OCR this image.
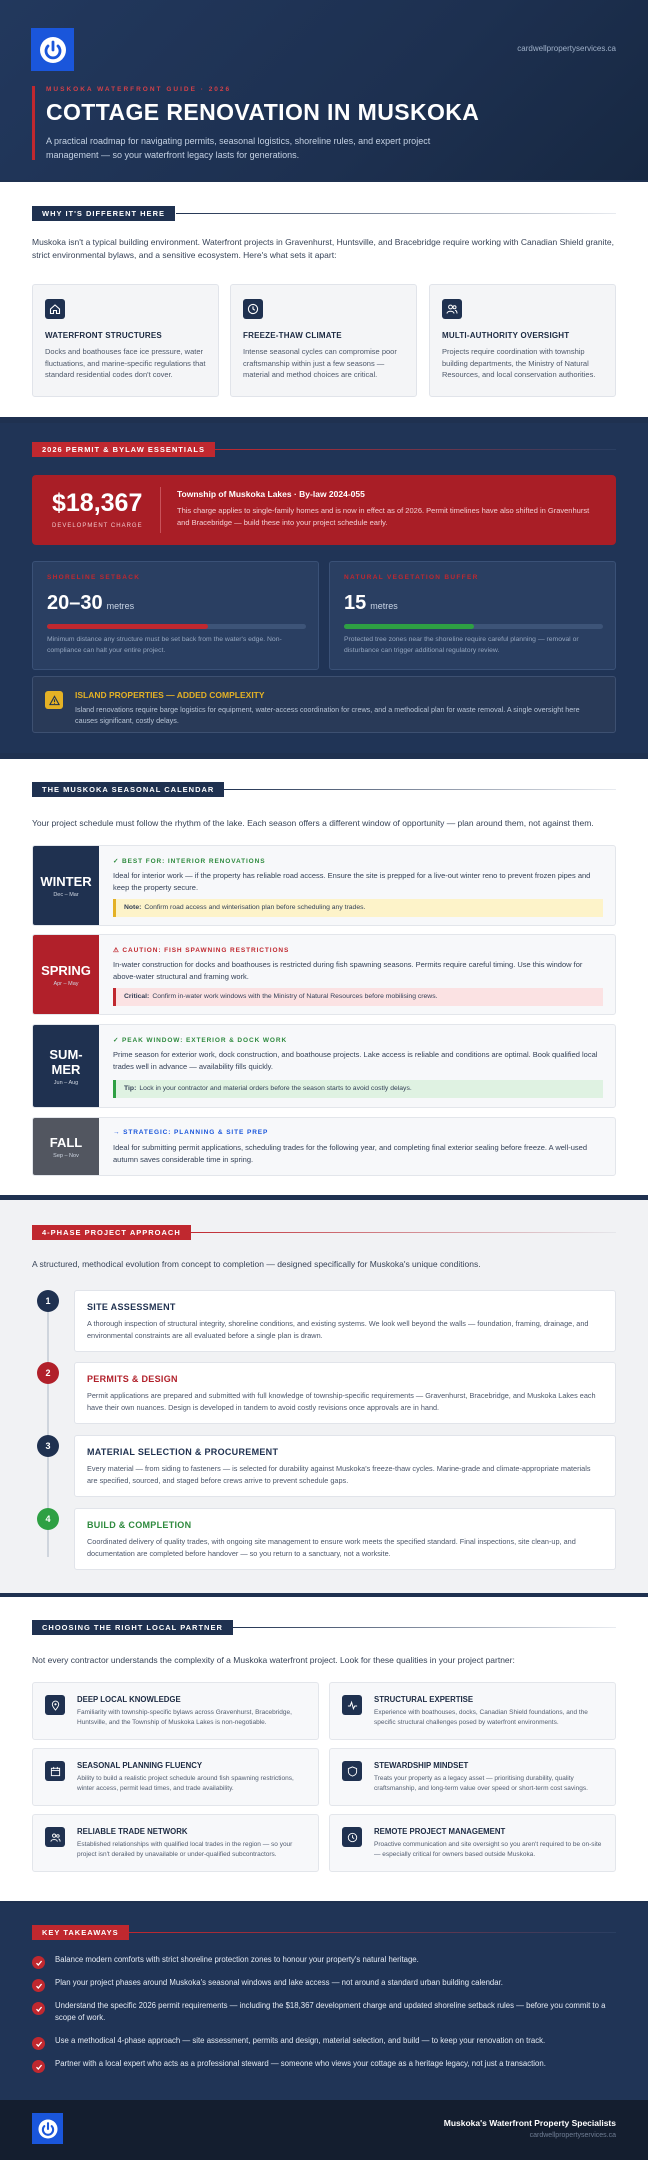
cardwellpropertyservices.ca
MUSKOKA WATERFRONT GUIDE · 2026
COTTAGE RENOVATION IN MUSKOKA
A practical roadmap for navigating permits, seasonal logistics, shoreline rules, and expert project management — so your waterfront legacy lasts for generations.
WHY IT'S DIFFERENT HERE
Muskoka isn't a typical building environment. Waterfront projects in Gravenhurst, Huntsville, and Bracebridge require working with Canadian Shield granite, strict environmental bylaws, and a sensitive ecosystem. Here's what sets it apart:
WATERFRONT STRUCTURES
Docks and boathouses face ice pressure, water fluctuations, and marine-specific regulations that standard residential codes don't cover.
FREEZE-THAW CLIMATE
Intense seasonal cycles can compromise poor craftsmanship within just a few seasons — material and method choices are critical.
MULTI-AUTHORITY OVERSIGHT
Projects require coordination with township building departments, the Ministry of Natural Resources, and local conservation authorities.
2026 PERMIT & BYLAW ESSENTIALS
$18,367
DEVELOPMENT CHARGE
Township of Muskoka Lakes · By-law 2024-055
This charge applies to single-family homes and is now in effect as of 2026. Permit timelines have also shifted in Gravenhurst and Bracebridge — build these into your project schedule early.
SHORELINE SETBACK
20–30 metres
Minimum distance any structure must be set back from the water's edge. Non-compliance can halt your entire project.
NATURAL VEGETATION BUFFER
15 metres
Protected tree zones near the shoreline require careful planning — removal or disturbance can trigger additional regulatory review.
ISLAND PROPERTIES — ADDED COMPLEXITY
Island renovations require barge logistics for equipment, water-access coordination for crews, and a methodical plan for waste removal. A single oversight here causes significant, costly delays.
THE MUSKOKA SEASONAL CALENDAR
Your project schedule must follow the rhythm of the lake. Each season offers a different window of opportunity — plan around them, not against them.
WINTER
Dec – Mar
✓ BEST FOR: INTERIOR RENOVATIONS
Ideal for interior work — if the property has reliable road access. Ensure the site is prepped for a live-out winter reno to prevent frozen pipes and keep the property secure.
Note: Confirm road access and winterisation plan before scheduling any trades.
SPRING
Apr – May
⚠ CAUTION: FISH SPAWNING RESTRICTIONS
In-water construction for docks and boathouses is restricted during fish spawning seasons. Permits require careful timing. Use this window for above-water structural and framing work.
Critical: Confirm in-water work windows with the Ministry of Natural Resources before mobilising crews.
SUM-
MER
Jun – Aug
✓ PEAK WINDOW: EXTERIOR & DOCK WORK
Prime season for exterior work, dock construction, and boathouse projects. Lake access is reliable and conditions are optimal. Book qualified local trades well in advance — availability fills quickly.
Tip: Lock in your contractor and material orders before the season starts to avoid costly delays.
FALL
Sep – Nov
→ STRATEGIC: PLANNING & SITE PREP
Ideal for submitting permit applications, scheduling trades for the following year, and completing final exterior sealing before freeze. A well-used autumn saves considerable time in spring.
4-PHASE PROJECT APPROACH
A structured, methodical evolution from concept to completion — designed specifically for Muskoka's unique conditions.
1
SITE ASSESSMENT
A thorough inspection of structural integrity, shoreline conditions, and existing systems. We look well beyond the walls — foundation, framing, drainage, and environmental constraints are all evaluated before a single plan is drawn.
2
PERMITS & DESIGN
Permit applications are prepared and submitted with full knowledge of township-specific requirements — Gravenhurst, Bracebridge, and Muskoka Lakes each have their own nuances. Design is developed in tandem to avoid costly revisions once approvals are in hand.
3
MATERIAL SELECTION & PROCUREMENT
Every material — from siding to fasteners — is selected for durability against Muskoka's freeze-thaw cycles. Marine-grade and climate-appropriate materials are specified, sourced, and staged before crews arrive to prevent schedule gaps.
4
BUILD & COMPLETION
Coordinated delivery of quality trades, with ongoing site management to ensure work meets the specified standard. Final inspections, site clean-up, and documentation are completed before handover — so you return to a sanctuary, not a worksite.
CHOOSING THE RIGHT LOCAL PARTNER
Not every contractor understands the complexity of a Muskoka waterfront project. Look for these qualities in your project partner:
DEEP LOCAL KNOWLEDGE
Familiarity with township-specific bylaws across Gravenhurst, Bracebridge, Huntsville, and the Township of Muskoka Lakes is non-negotiable.
STRUCTURAL EXPERTISE
Experience with boathouses, docks, Canadian Shield foundations, and the specific structural challenges posed by waterfront environments.
SEASONAL PLANNING FLUENCY
Ability to build a realistic project schedule around fish spawning restrictions, winter access, permit lead times, and trade availability.
STEWARDSHIP MINDSET
Treats your property as a legacy asset — prioritising durability, quality craftsmanship, and long-term value over speed or short-term cost savings.
RELIABLE TRADE NETWORK
Established relationships with qualified local trades in the region — so your project isn't derailed by unavailable or under-qualified subcontractors.
REMOTE PROJECT MANAGEMENT
Proactive communication and site oversight so you aren't required to be on-site — especially critical for owners based outside Muskoka.
KEY TAKEAWAYS
Balance modern comforts with strict shoreline protection zones to honour your property's natural heritage.
Plan your project phases around Muskoka's seasonal windows and lake access — not around a standard urban building calendar.
Understand the specific 2026 permit requirements — including the $18,367 development charge and updated shoreline setback rules — before you commit to a scope of work.
Use a methodical 4-phase approach — site assessment, permits and design, material selection, and build — to keep your renovation on track.
Partner with a local expert who acts as a professional steward — someone who views your cottage as a heritage legacy, not just a transaction.
Muskoka's Waterfront Property Specialists
cardwellpropertyservices.ca
